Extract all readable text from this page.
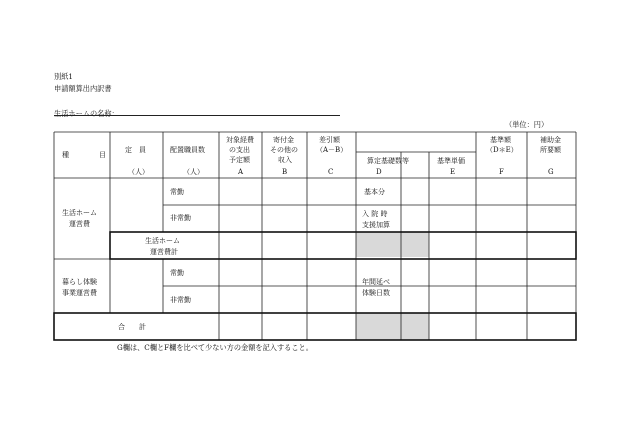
別紙1
申請額算出内訳書
生活ホームの名称：
（単位：円）
種	目
定　員
（人）
配置職員数
（人）
対象経費
の支出
予定額
A
寄付金
その他の
収入
B
差引額
（A－B）
C
算定基礎数等
D
基準単価
E
基準額
（D＊E）
F
補助金
所要額
G
生活ホーム
運営費
常勤
非常勤
基本分
入 院 時
支援加算
生活ホーム
運営費計
暮らし体験
事業運営費
常勤
非常勤
年間延べ
体験日数
合　　計
G欄は、C欄とF欄を比べて少ない方の金額を記入すること。
